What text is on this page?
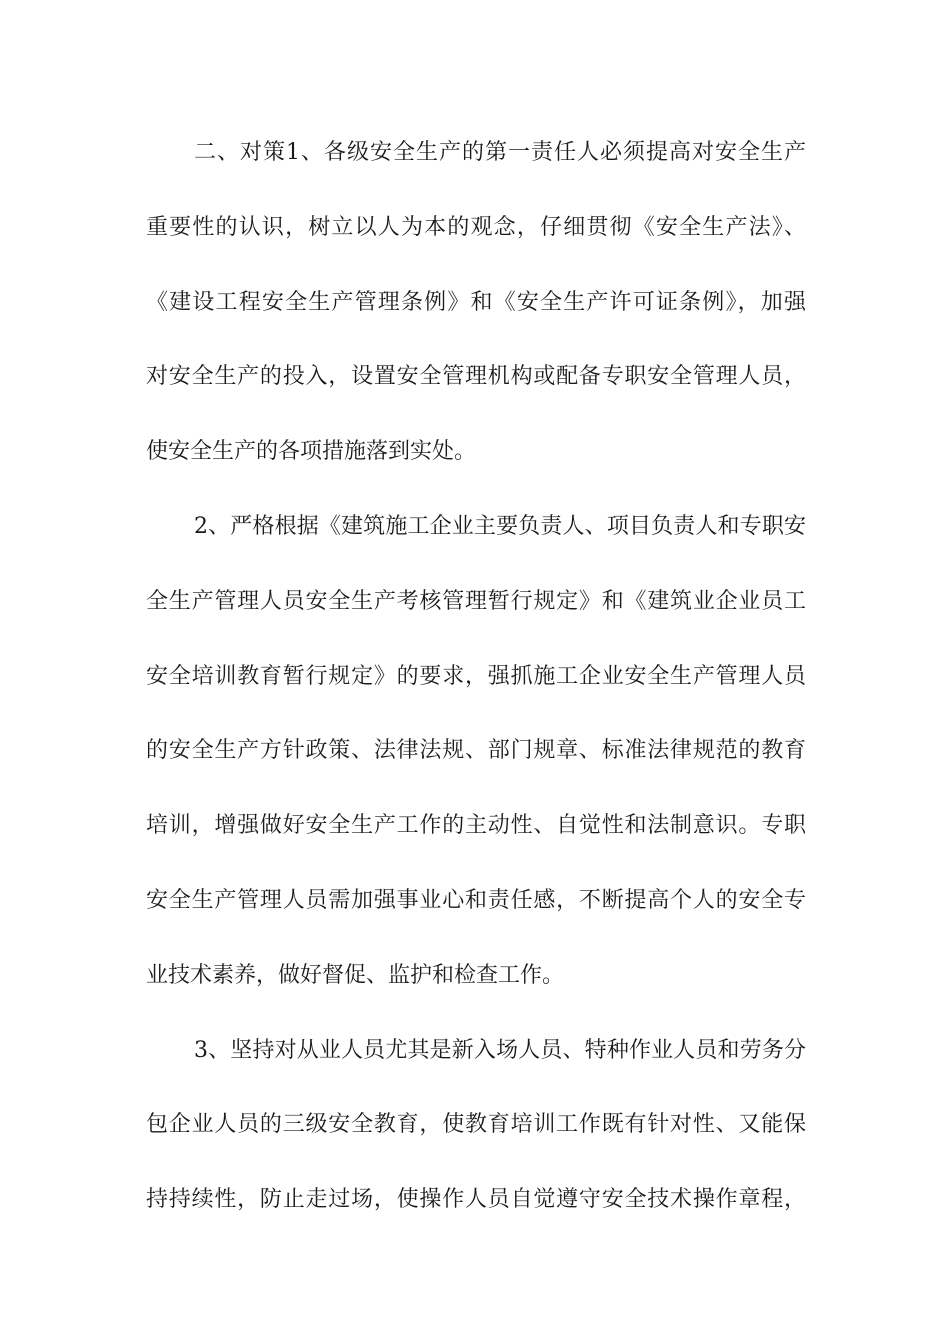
二、对策1、各级安全生产的第一责任人必须提高对安全生产
重要性的认识，树立以人为本的观念，仔细贯彻《安全生产法》、
《建设工程安全生产管理条例》和《安全生产许可证条例》，加强
对安全生产的投入，设置安全管理机构或配备专职安全管理人员，
使安全生产的各项措施落到实处。
2、严格根据《建筑施工企业主要负责人、项目负责人和专职安
全生产管理人员安全生产考核管理暂行规定》和《建筑业企业员工
安全培训教育暂行规定》的要求，强抓施工企业安全生产管理人员
的安全生产方针政策、法律法规、部门规章、标准法律规范的教育
培训，增强做好安全生产工作的主动性、自觉性和法制意识。专职
安全生产管理人员需加强事业心和责任感，不断提高个人的安全专
业技术素养，做好督促、监护和检查工作。
3、坚持对从业人员尤其是新入场人员、特种作业人员和劳务分
包企业人员的三级安全教育，使教育培训工作既有针对性、又能保
持持续性，防止走过场，使操作人员自觉遵守安全技术操作章程，
